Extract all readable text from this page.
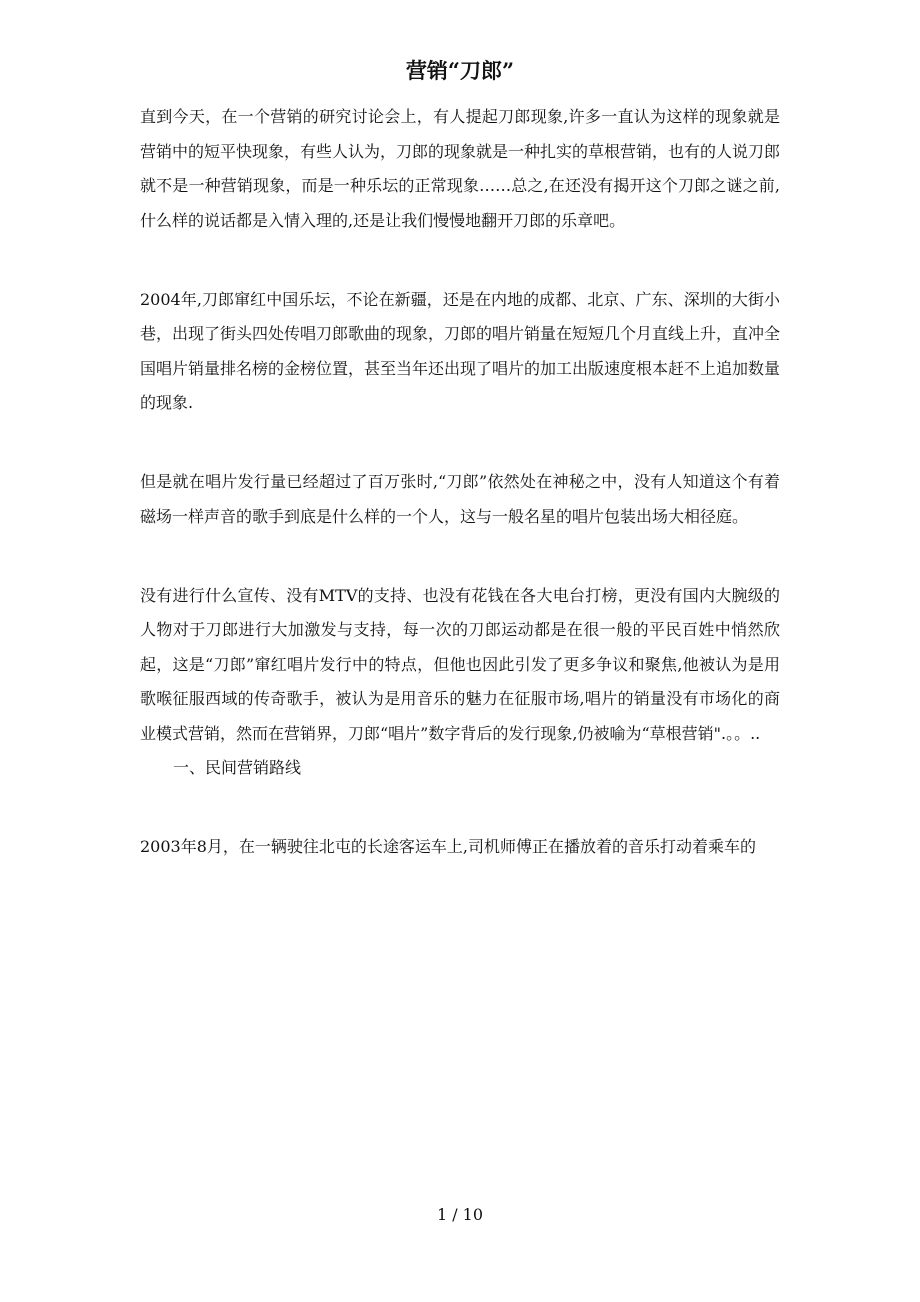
营销“刀郎”

直到今天，在一个营销的研究讨论会上，有人提起刀郎现象,许多一直认为这样的现象就是营销中的短平快现象，有些人认为，刀郎的现象就是一种扎实的草根营销，也有的人说刀郎就不是一种营销现象，而是一种乐坛的正常现象……总之,在还没有揭开这个刀郎之谜之前,什么样的说话都是入情入理的,还是让我们慢慢地翻开刀郎的乐章吧。

2004年,刀郎窜红中国乐坛，不论在新疆，还是在内地的成都、北京、广东、深圳的大街小巷，出现了街头四处传唱刀郎歌曲的现象，刀郎的唱片销量在短短几个月直线上升，直冲全国唱片销量排名榜的金榜位置，甚至当年还出现了唱片的加工出版速度根本赶不上追加数量的现象.

但是就在唱片发行量已经超过了百万张时,“刀郎”依然处在神秘之中，没有人知道这个有着磁场一样声音的歌手到底是什么样的一个人，这与一般名星的唱片包装出场大相径庭。

没有进行什么宣传、没有MTV的支持、也没有花钱在各大电台打榜，更没有国内大腕级的人物对于刀郎进行大加激发与支持，每一次的刀郎运动都是在很一般的平民百姓中悄然欣起，这是“刀郎”窜红唱片发行中的特点，但他也因此引发了更多争议和聚焦,他被认为是用歌喉征服西域的传奇歌手，被认为是用音乐的魅力在征服市场,唱片的销量没有市场化的商业模式营销，然而在营销界，刀郎“唱片”数字背后的发行现象,仍被喻为“草根营销".。。..

一、民间营销路线

2003年8月，在一辆驶往北屯的长途客运车上,司机师傅正在播放着的音乐打动着乘车的

1 / 10
